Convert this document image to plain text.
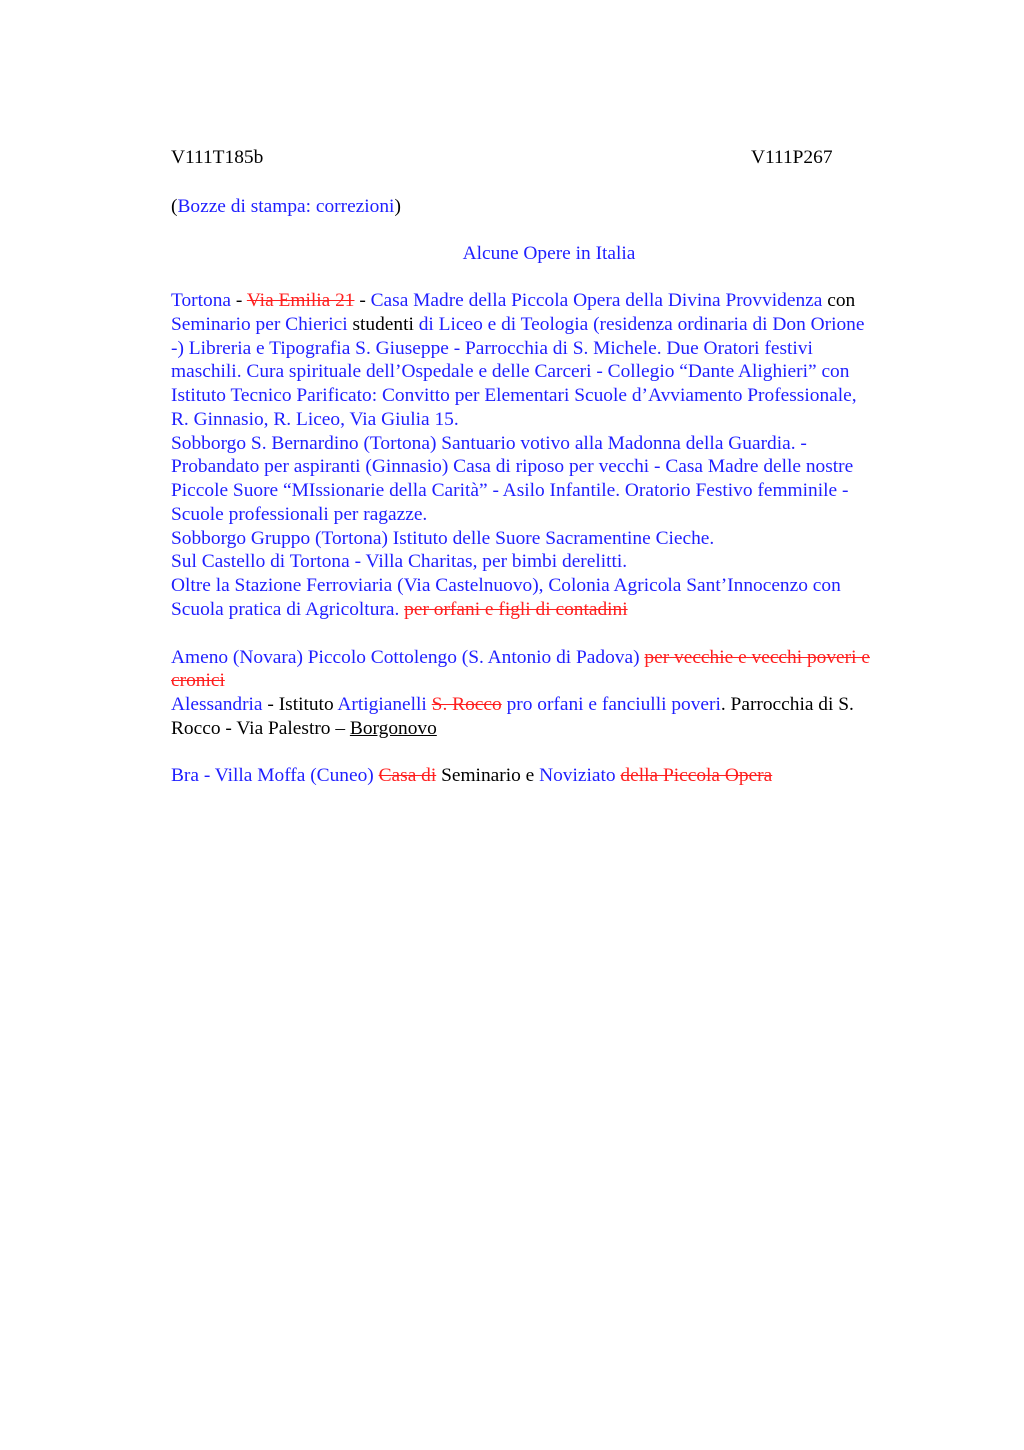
V111T185b	V111P267
(Bozze di stampa: correzioni)
Alcune Opere in Italia
Tortona - Via Emilia 21 - Casa Madre della Piccola Opera della Divina Provvidenza con
Seminario per Chierici studenti di Liceo e di Teologia (residenza ordinaria di Don Orione
-) Libreria e Tipografia S. Giuseppe - Parrocchia di S. Michele. Due Oratori festivi
maschili. Cura spirituale dell’Ospedale e delle Carceri - Collegio “Dante Alighieri” con
Istituto Tecnico Parificato: Convitto per Elementari Scuole d’Avviamento Professionale,
R. Ginnasio, R. Liceo, Via Giulia 15.
Sobborgo S. Bernardino (Tortona) Santuario votivo alla Madonna della Guardia. -
Probandato per aspiranti (Ginnasio) Casa di riposo per vecchi - Casa Madre delle nostre
Piccole Suore “MIssionarie della Carità” - Asilo Infantile. Oratorio Festivo femminile -
Scuole professionali per ragazze.
Sobborgo Gruppo (Tortona) Istituto delle Suore Sacramentine Cieche.
Sul Castello di Tortona - Villa Charitas, per bimbi derelitti.
Oltre la Stazione Ferroviaria (Via Castelnuovo), Colonia Agricola Sant’Innocenzo con
Scuola pratica di Agricoltura. per orfani e figli di contadini
Ameno (Novara) Piccolo Cottolengo (S. Antonio di Padova) per vecchie e vecchi poveri e
cronici
Alessandria - Istituto Artigianelli S. Rocco pro orfani e fanciulli poveri. Parrocchia di S.
Rocco - Via Palestro – Borgonovo
Bra - Villa Moffa (Cuneo) Casa di Seminario e Noviziato della Piccola Opera
